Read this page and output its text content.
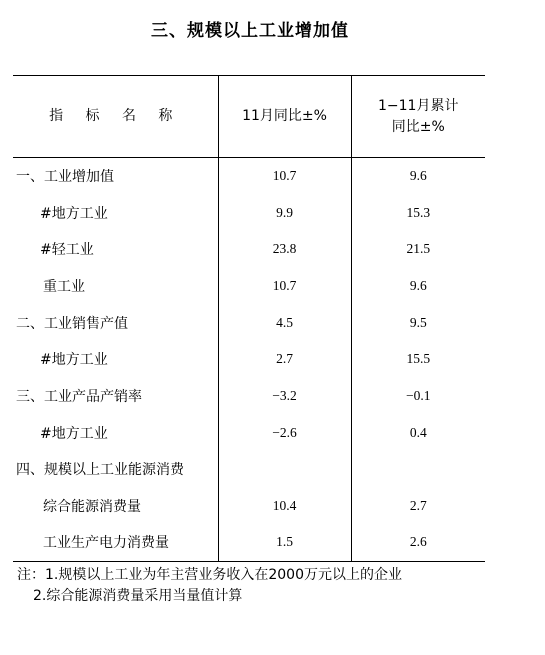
三、规模以上工业增加值
指 标 名 称	11月同比±%	1−11月累计
同比±%

一、工业增加值	10.7	9.6
#地方工业	9.9	15.3
#轻工业	23.8	21.5
重工业	10.7	9.6
二、工业销售产值	4.5	9.5
#地方工业	2.7	15.5
三、工业产品产销率	−3.2	−0.1
#地方工业	−2.6	0.4
四、规模以上工业能源消费		
综合能源消费量	10.4	2.7
工业生产电力消费量	1.5	2.6
注：1.规模以上工业为年主营业务收入在2000万元以上的企业
2.综合能源消费量采用当量值计算
